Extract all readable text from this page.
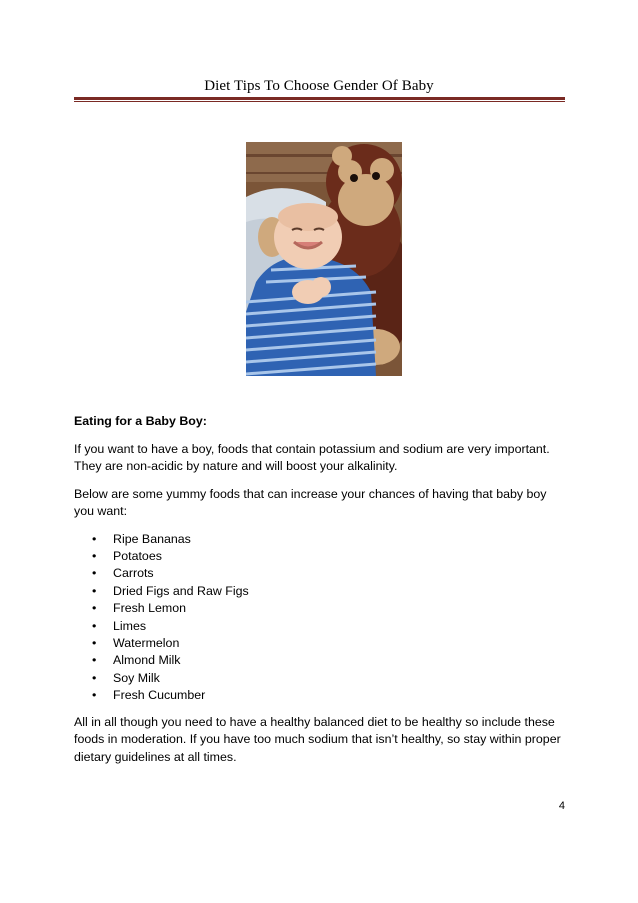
Diet Tips To Choose Gender Of Baby

Eating for a Baby Boy:

If you want to have a boy, foods that contain potassium and sodium are very important. They are non-acidic by nature and will boost your alkalinity.

Below are some yummy foods that can increase your chances of having that baby boy you want:

• Ripe Bananas
• Potatoes
• Carrots
• Dried Figs and Raw Figs
• Fresh Lemon
• Limes
• Watermelon
• Almond Milk
• Soy Milk
• Fresh Cucumber

All in all though you need to have a healthy balanced diet to be healthy so include these foods in moderation. If you have too much sodium that isn’t healthy, so stay within proper dietary guidelines at all times.

4
